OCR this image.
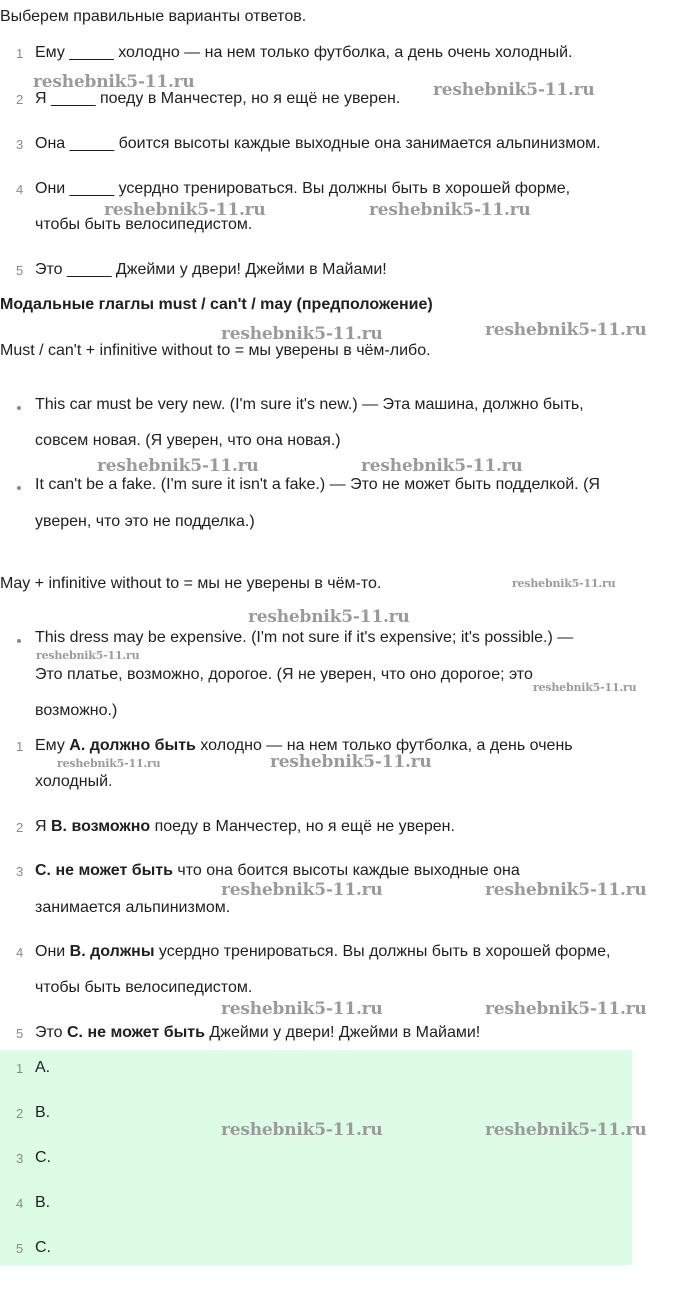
Выберем правильные варианты ответов.
1 Ему _____ холодно — на нем только футболка, а день очень холодный.
2 Я _____ поеду в Манчестер, но я ещё не уверен.
3 Она _____ боится высоты каждые выходные она занимается альпинизмом.
4 Они _____ усердно тренироваться. Вы должны быть в хорошей форме,
чтобы быть велосипедистом.
5 Это _____ Джейми у двери! Джейми в Майами!
Модальные глаглы must / can't / may (предположение)
Must / can't + infinitive without to = мы уверены в чём-либо.
This car must be very new. (I'm sure it's new.) — Эта машина, должно быть,
совсем новая. (Я уверен, что она новая.)
It can't be a fake. (I'm sure it isn't a fake.) — Это не может быть подделкой. (Я
уверен, что это не подделка.)
May + infinitive without to = мы не уверены в чём-то.
This dress may be expensive. (I'm not sure if it's expensive; it's possible.) —
Это платье, возможно, дорогое. (Я не уверен, что оно дорогое; это
возможно.)
1 Ему А. должно быть холодно — на нем только футболка, а день очень
холодный.
2 Я В. возможно поеду в Манчестер, но я ещё не уверен.
3 С. не может быть что она боится высоты каждые выходные она
занимается альпинизмом.
4 Они В. должны усердно тренироваться. Вы должны быть в хорошей форме,
чтобы быть велосипедистом.
5 Это С. не может быть Джейми у двери! Джейми в Майами!
1 А.
2 В.
3 С.
4 В.
5 С.
reshebnik5-11.ru	reshebnik5-11.ru
reshebnik5-11.ru	reshebnik5-11.ru
reshebnik5-11.ru	reshebnik5-11.ru
reshebnik5-11.ru	reshebnik5-11.ru
reshebnik5-11.ru
reshebnik5-11.ru
reshebnik5-11.ru
reshebnik5-11.ru
reshebnik5-11.ru	reshebnik5-11.ru
reshebnik5-11.ru	reshebnik5-11.ru
reshebnik5-11.ru	reshebnik5-11.ru
reshebnik5-11.ru	reshebnik5-11.ru
